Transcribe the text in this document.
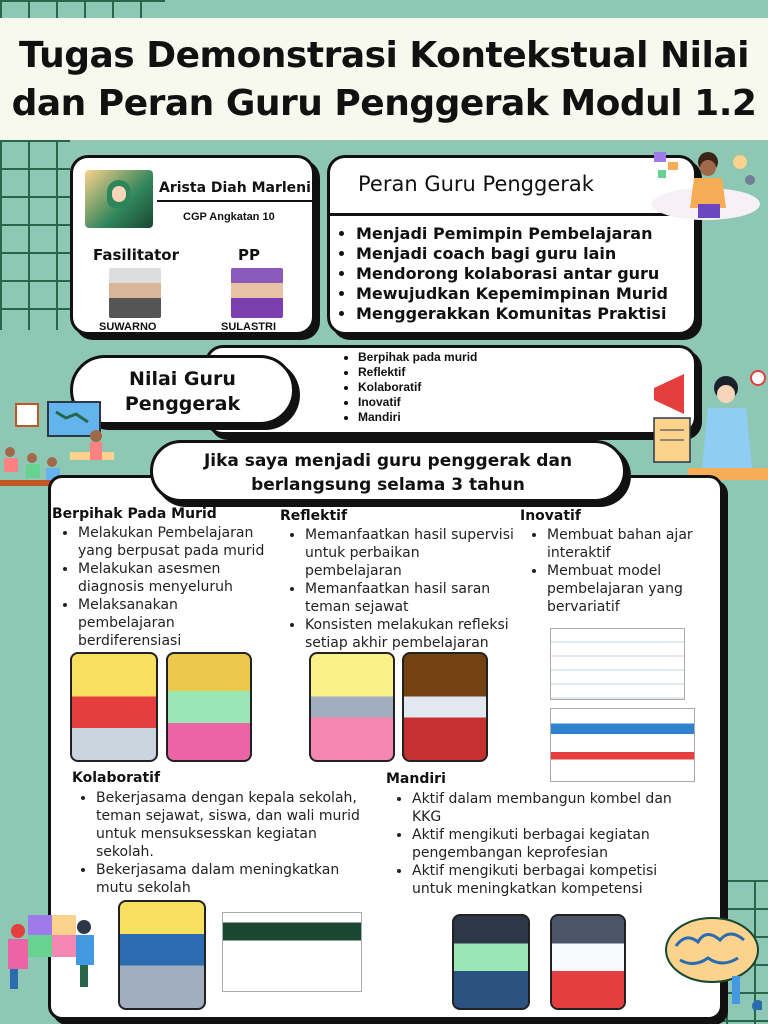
Tugas Demonstrasi Kontekstual Nilai
dan Peran Guru Penggerak Modul 1.2
Arista Diah Marleni
CGP Angkatan 10
Fasilitator	PP
SUWARNO	SULASTRI
Peran Guru Penggerak
• Menjadi Pemimpin Pembelajaran
• Menjadi coach bagi guru lain
• Mendorong kolaborasi antar guru
• Mewujudkan Kepemimpinan Murid
• Menggerakkan Komunitas Praktisi
• Berpihak pada murid
• Reflektif
• Kolaboratif
• Inovatif
• Mandiri
Nilai Guru
Penggerak
Jika saya menjadi guru penggerak dan
berlangsung selama 3 tahun
Berpihak Pada Murid
• Melakukan Pembelajaran yang berpusat pada murid
• Melakukan asesmen diagnosis menyeluruh
• Melaksanakan pembelajaran berdiferensiasi
Reflektif
• Memanfaatkan hasil supervisi untuk perbaikan pembelajaran
• Memanfaatkan hasil saran teman sejawat
• Konsisten melakukan refleksi setiap akhir pembelajaran
Inovatif
• Membuat bahan ajar interaktif
• Membuat model pembelajaran yang bervariatif
Kolaboratif
• Bekerjasama dengan kepala sekolah, teman sejawat, siswa, dan wali murid untuk mensuksesskan kegiatan sekolah.
• Bekerjasama dalam meningkatkan mutu sekolah
Mandiri
• Aktif dalam membangun kombel dan KKG
• Aktif mengikuti berbagai kegiatan pengembangan keprofesian
• Aktif mengikuti berbagai kompetisi untuk meningkatkan kompetensi
